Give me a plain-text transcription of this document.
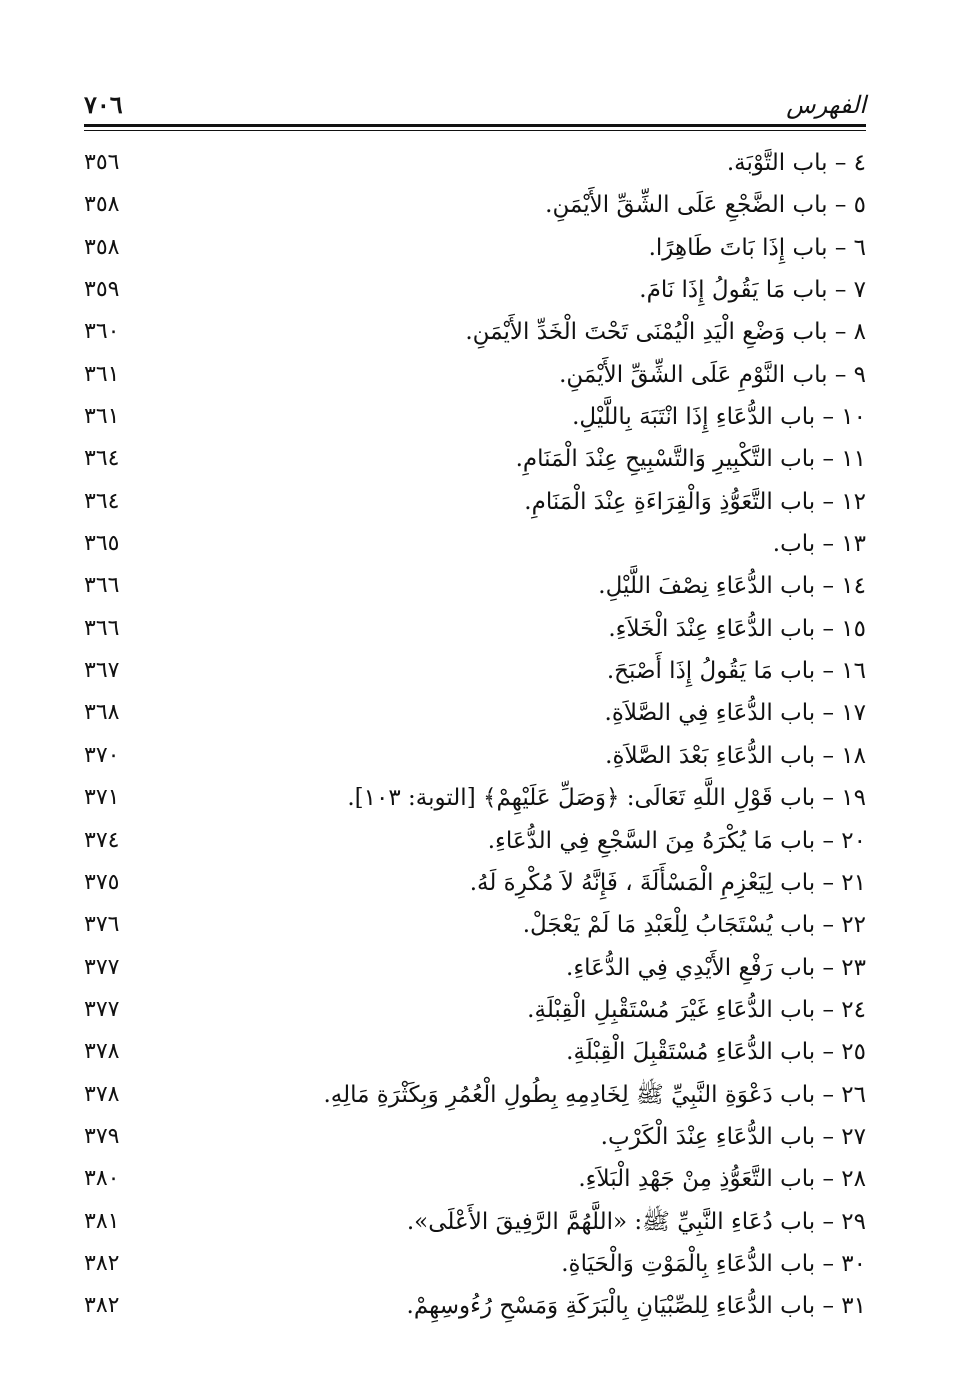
الفهرس
٧٠٦
٤ – باب التَّوْبَة.
٣٥٦
٥ – باب الضَّجْعِ عَلَى الشِّقِّ الأَيْمَنِ.
٣٥٨
٦ – باب إِذَا بَاتَ طَاهِرًا.
٣٥٨
٧ – باب مَا يَقُولُ إِذَا نَامَ.
٣٥٩
٨ – باب وَضْعِ الْيَدِ الْيُمْنَى تَحْتَ الْخَدِّ الأَيْمَنِ.
٣٦٠
٩ – باب النَّوْمِ عَلَى الشِّقِّ الأَيْمَنِ.
٣٦١
١٠ – باب الدُّعَاءِ إِذَا انْتَبَهَ بِاللَّيْلِ.
٣٦١
١١ – باب التَّكْبِيرِ وَالتَّسْبِيحِ عِنْدَ الْمَنَامِ.
٣٦٤
١٢ – باب التَّعَوُّذِ وَالْقِرَاءَةِ عِنْدَ الْمَنَامِ.
٣٦٤
١٣ – باب.
٣٦٥
١٤ – باب الدُّعَاءِ نِصْفَ اللَّيْلِ.
٣٦٦
١٥ – باب الدُّعَاءِ عِنْدَ الْخَلاَءِ.
٣٦٦
١٦ – باب مَا يَقُولُ إِذَا أَصْبَحَ.
٣٦٧
١٧ – باب الدُّعَاءِ فِي الصَّلاَةِ.
٣٦٨
١٨ – باب الدُّعَاءِ بَعْدَ الصَّلاَةِ.
٣٧٠
١٩ – باب قَوْلِ اللَّهِ تَعَالَى: ﴿وَصَلِّ عَلَيْهِمْ﴾ [التوبة: ١٠٣].
٣٧١
٢٠ – باب مَا يُكْرَهُ مِنَ السَّجْعِ فِي الدُّعَاءِ.
٣٧٤
٢١ – باب لِيَعْزِمِ الْمَسْأَلَةَ ، فَإِنَّهُ لاَ مُكْرِهَ لَهُ.
٣٧٥
٢٢ – باب يُسْتَجَابُ لِلْعَبْدِ مَا لَمْ يَعْجَلْ.
٣٧٦
٢٣ – باب رَفْعِ الأَيْدِي فِي الدُّعَاءِ.
٣٧٧
٢٤ – باب الدُّعَاءِ غَيْرَ مُسْتَقْبِلِ الْقِبْلَةِ.
٣٧٧
٢٥ – باب الدُّعَاءِ مُسْتَقْبِلَ الْقِبْلَةِ.
٣٧٨
٢٦ – باب دَعْوَةِ النَّبِيِّ ﷺ لِخَادِمِهِ بِطُولِ الْعُمُرِ وَبِكَثْرَةِ مَالِهِ.
٣٧٨
٢٧ – باب الدُّعَاءِ عِنْدَ الْكَرْبِ.
٣٧٩
٢٨ – باب التَّعَوُّذِ مِنْ جَهْدِ الْبَلاَءِ.
٣٨٠
٢٩ – باب دُعَاءِ النَّبِيِّ ﷺ: «اللَّهُمَّ الرَّفِيقَ الأَعْلَى».
٣٨١
٣٠ – باب الدُّعَاءِ بِالْمَوْتِ وَالْحَيَاةِ.
٣٨٢
٣١ – باب الدُّعَاءِ لِلصِّبْيَانِ بِالْبَرَكَةِ وَمَسْحِ رُءُوسِهِمْ.
٣٨٢
